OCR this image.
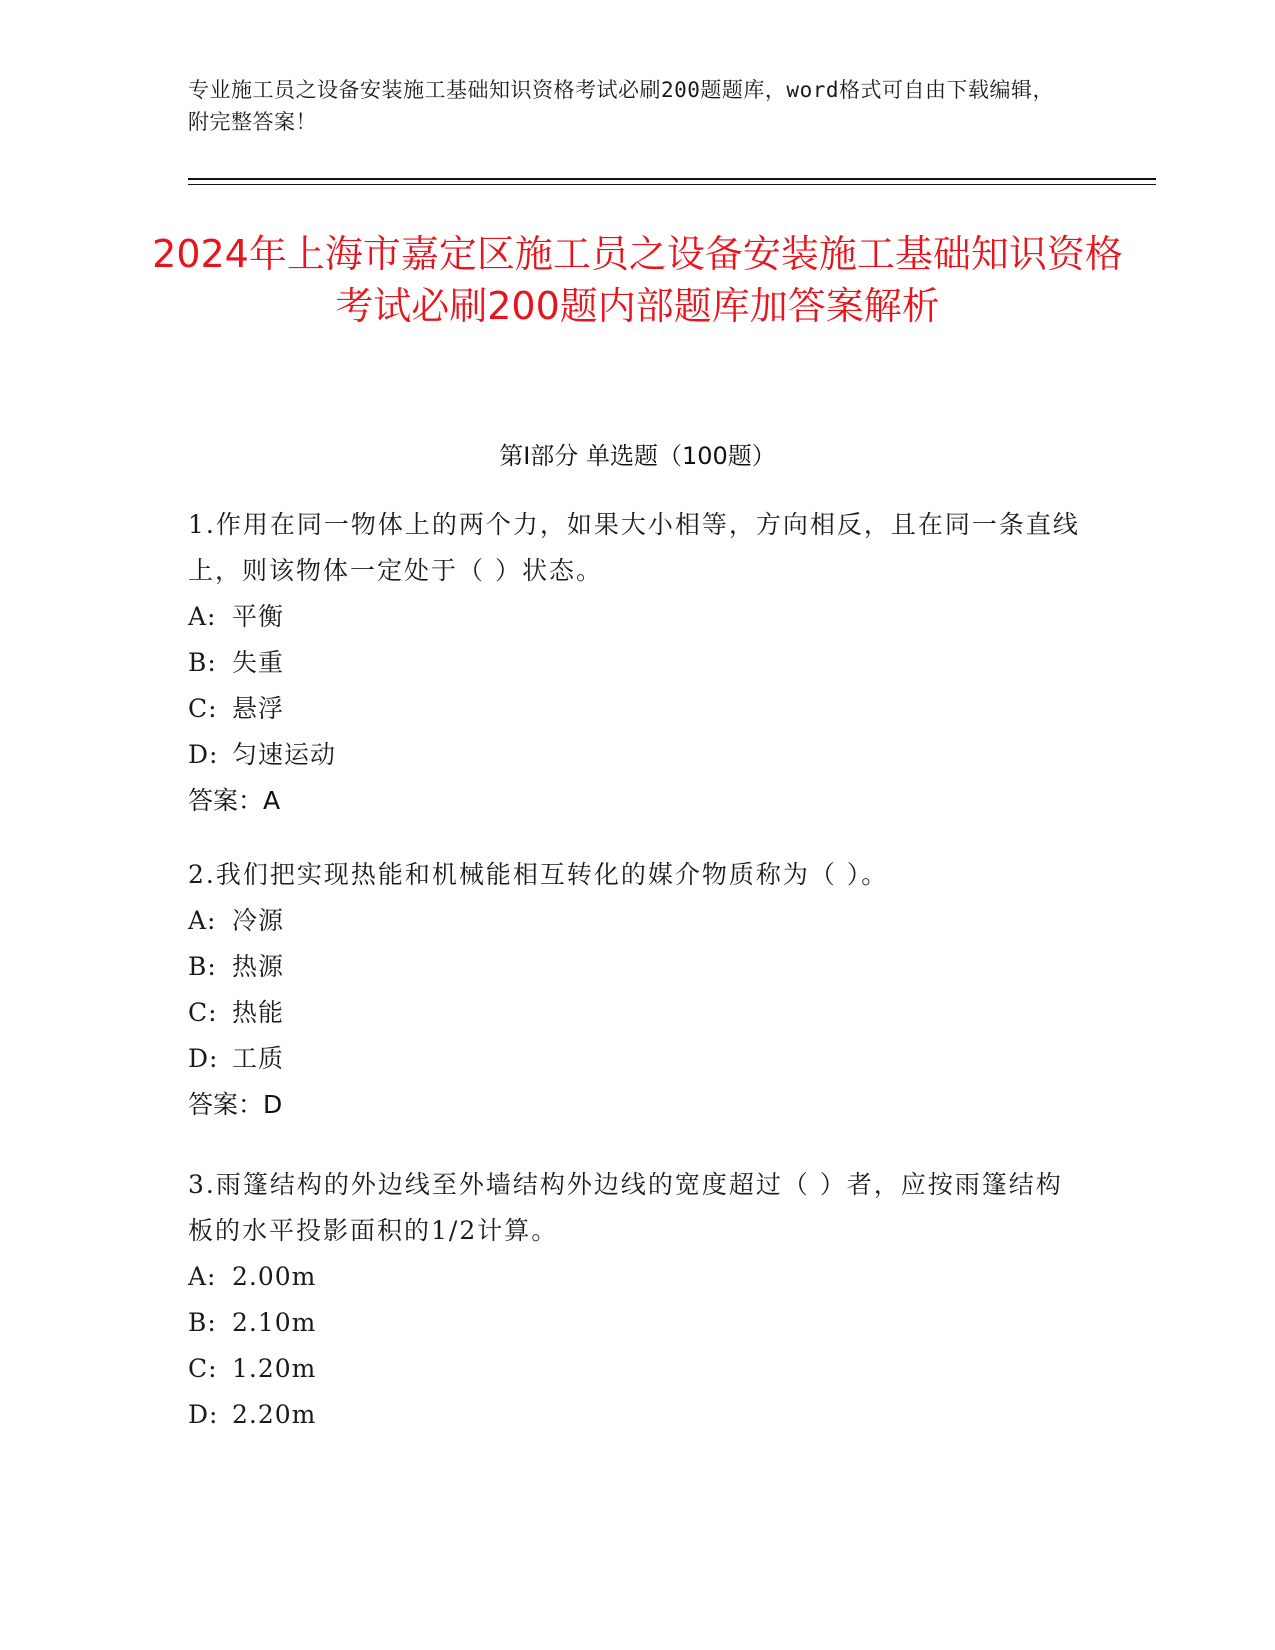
专业施工员之设备安装施工基础知识资格考试必刷200题题库，word格式可自由下载编辑，附完整答案！
2024年上海市嘉定区施工员之设备安装施工基础知识资格考试必刷200题内部题库加答案解析
第Ⅰ部分 单选题（100题）
1.作用在同一物体上的两个力，如果大小相等，方向相反，且在同一条直线上，则该物体一定处于（ ）状态。
A: 平衡
B: 失重
C: 悬浮
D: 匀速运动
答案：A
2.我们把实现热能和机械能相互转化的媒介物质称为（ ）。
A: 冷源
B: 热源
C: 热能
D: 工质
答案：D
3.雨篷结构的外边线至外墙结构外边线的宽度超过（ ）者，应按雨篷结构板的水平投影面积的1/2计算。
A: 2.00m
B: 2.10m
C: 1.20m
D: 2.20m
